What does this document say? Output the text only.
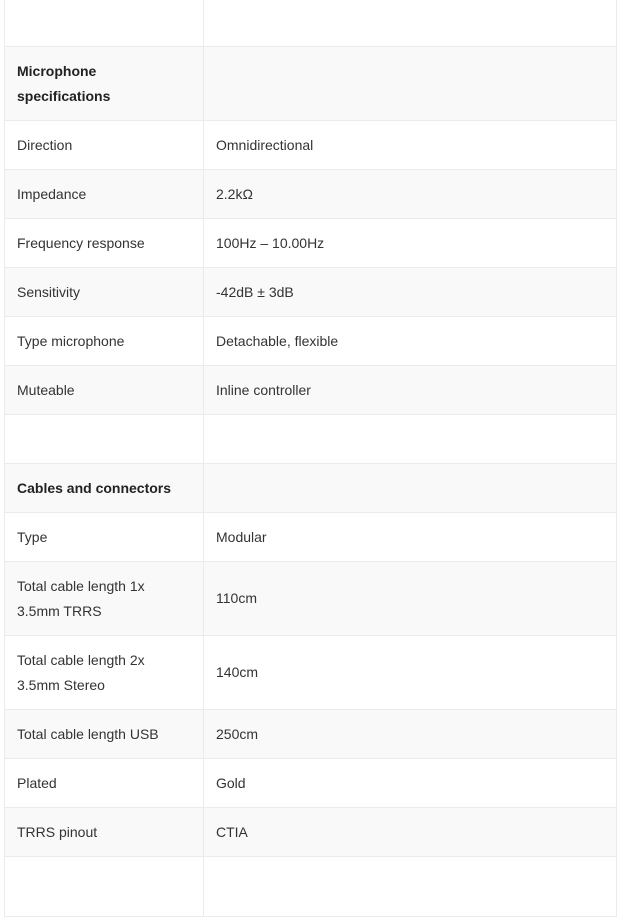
Microphone specifications	
Direction	Omnidirectional
Impedance	2.2kΩ
Frequency response	100Hz – 10.00Hz
Sensitivity	-42dB ± 3dB
Type microphone	Detachable, flexible
Muteable	Inline controller

Cables and connectors	
Type	Modular
Total cable length 1x 3.5mm TRRS	110cm
Total cable length 2x 3.5mm Stereo	140cm
Total cable length USB	250cm
Plated	Gold
TRRS pinout	CTIA
